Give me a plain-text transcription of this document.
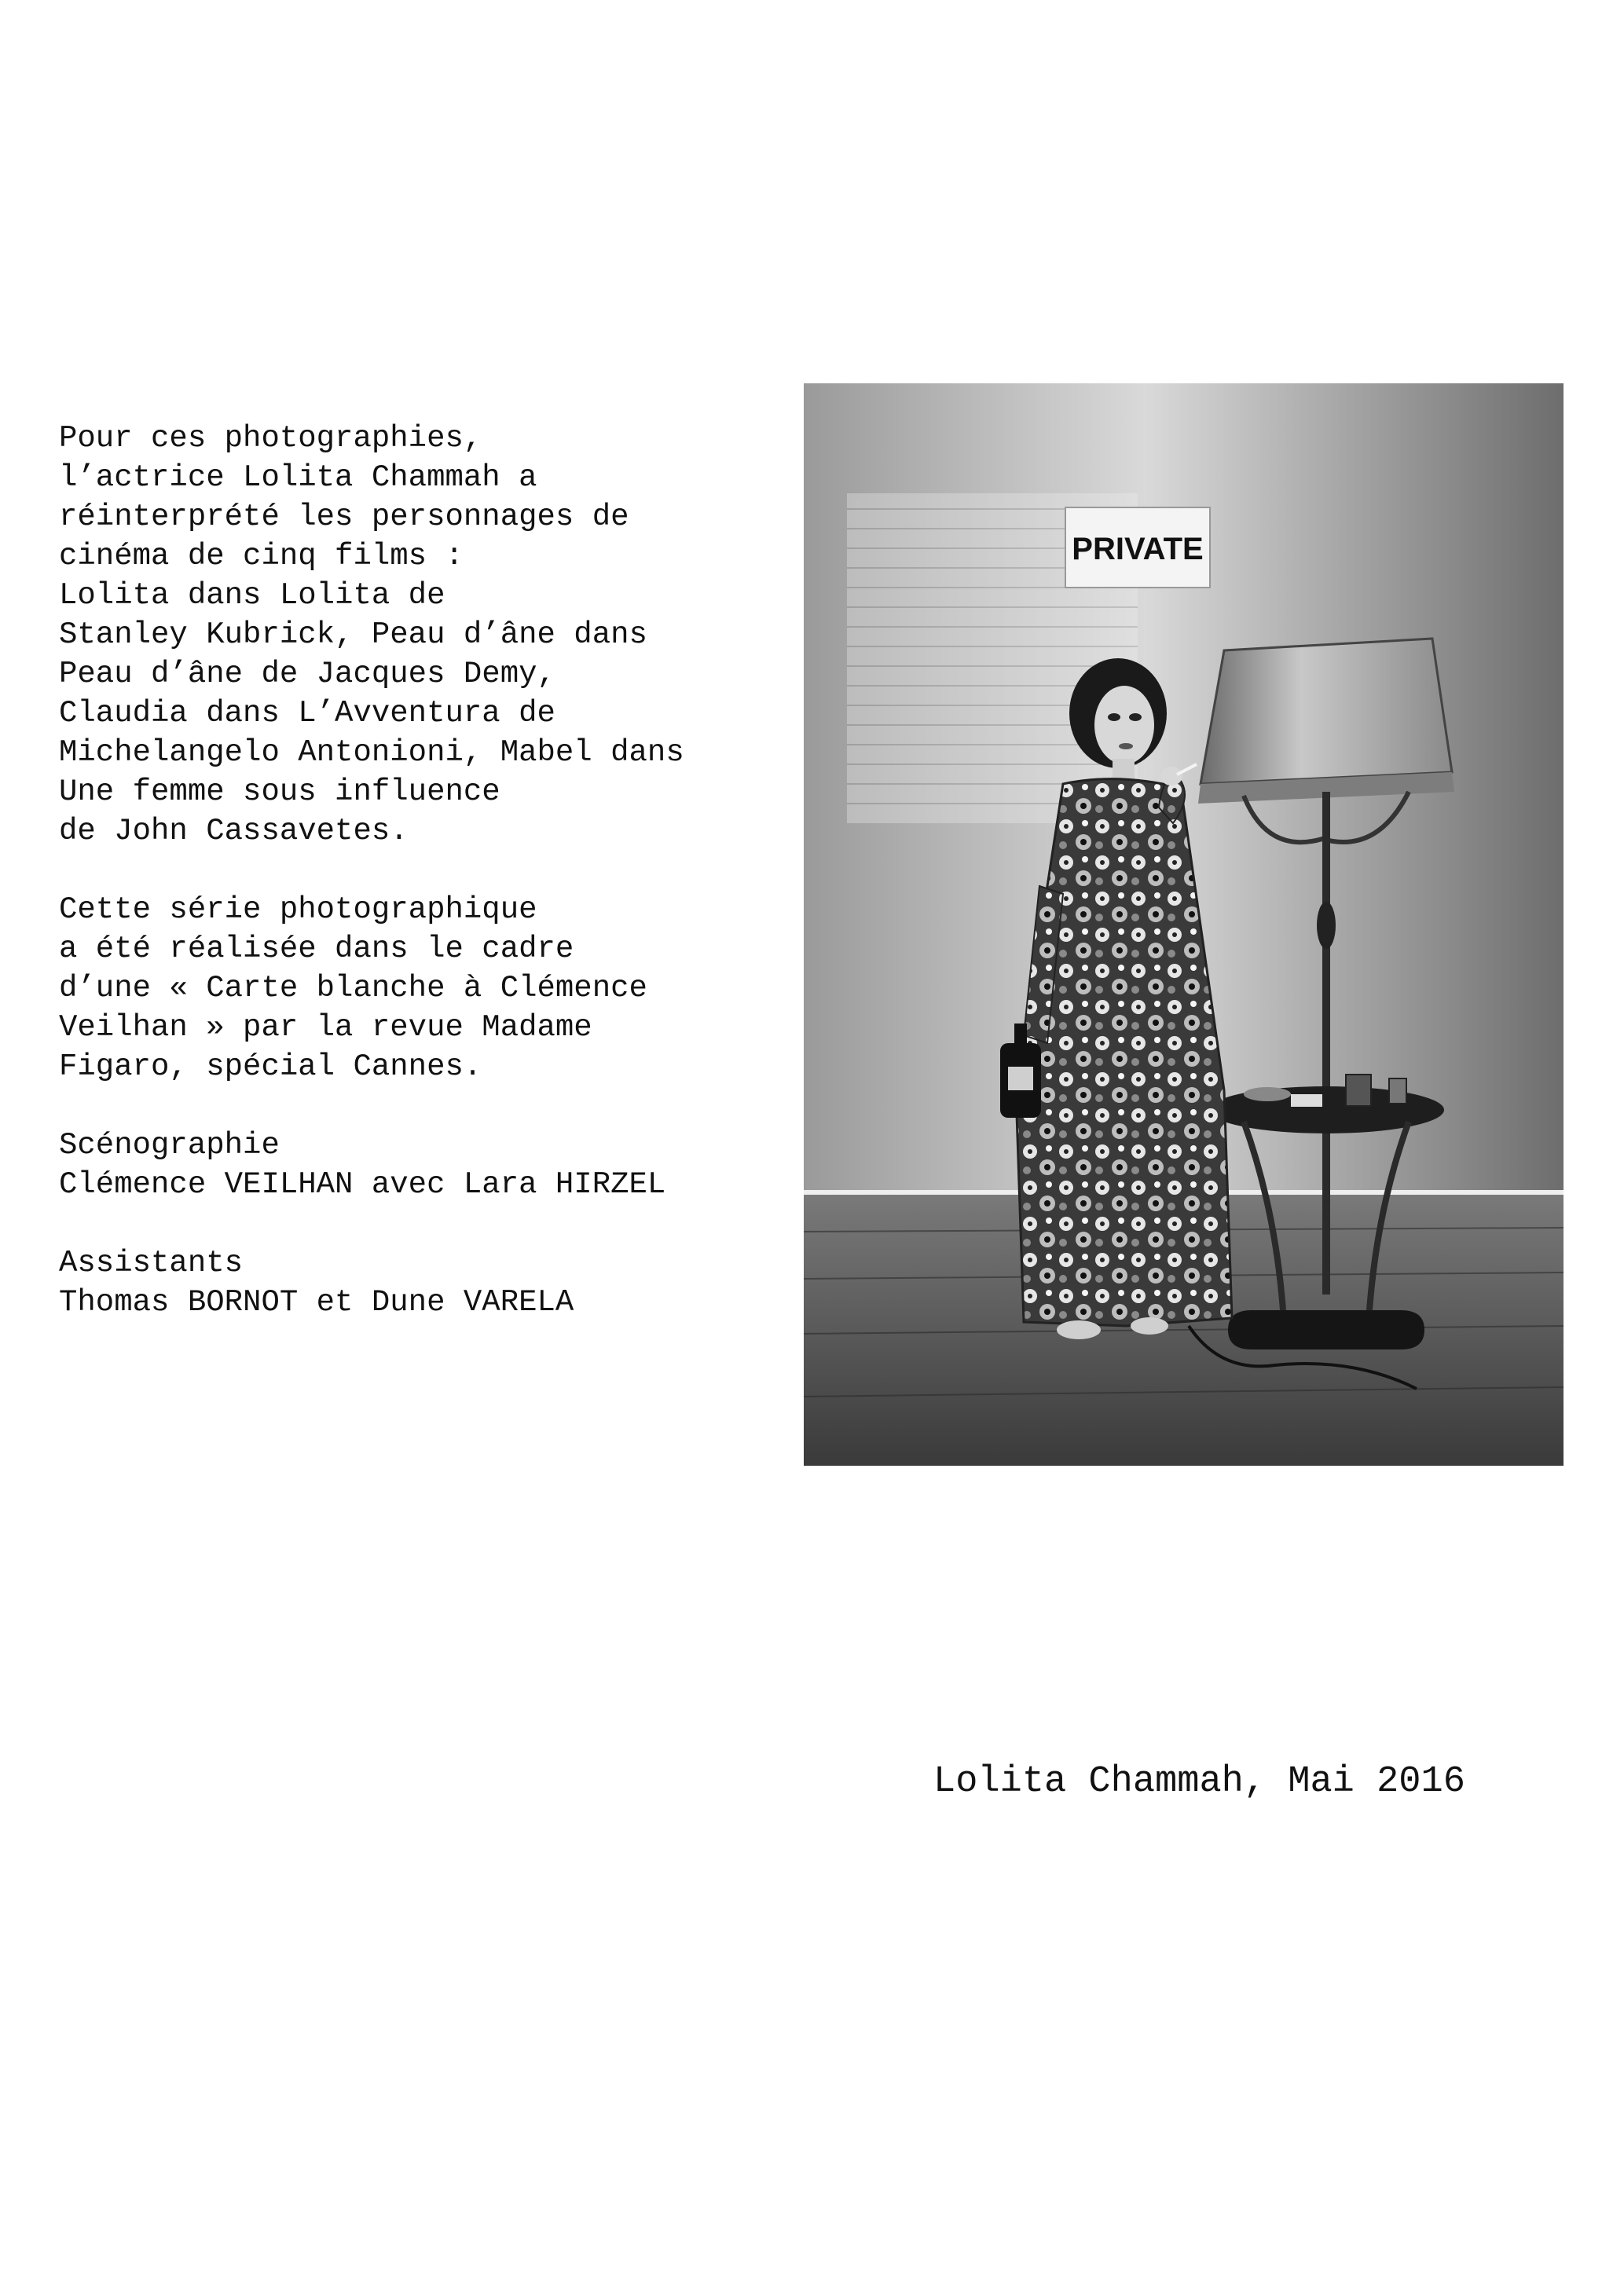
Pour ces photographies,
l’actrice Lolita Chammah a
réinterprété les personnages de
cinéma de cinq films :
Lolita dans Lolita de
Stanley Kubrick, Peau d’âne dans
Peau d’âne de Jacques Demy,
Claudia dans L’Avventura de
Michelangelo Antonioni, Mabel dans
Une femme sous influence
de John Cassavetes.
Cette série photographique
a été réalisée dans le cadre
d’une « Carte blanche à Clémence
Veilhan » par la revue Madame
Figaro, spécial Cannes.
Scénographie
Clémence VEILHAN avec Lara HIRZEL
Assistants
Thomas BORNOT et Dune VARELA
PRIVATE
Lolita Chammah, Mai 2016
